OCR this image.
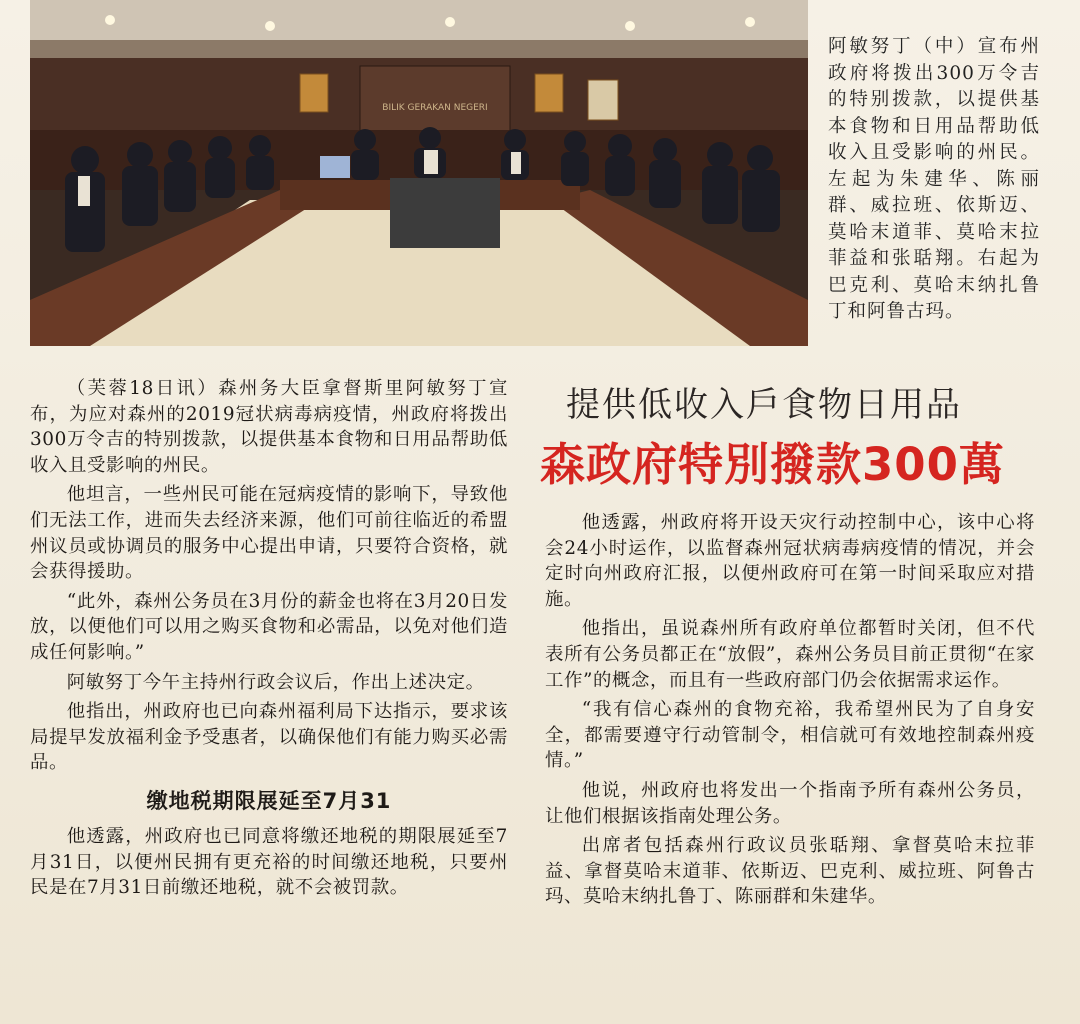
BILIK GERAKAN NEGERI
阿敏努丁（中）宣布州政府将拨出300万令吉的特别拨款，以提供基本食物和日用品帮助低收入且受影响的州民。左起为朱建华、陈丽群、威拉班、依斯迈、莫哈末道菲、莫哈末拉菲益和张聒翔。右起为巴克利、莫哈末纳扎鲁丁和阿鲁古玛。
提供低收入戶食物日用品
森政府特別撥款300萬

（芙蓉18日讯）森州务大臣拿督斯里阿敏努丁宣布，为应对森州的2019冠状病毒病疫情，州政府将拨出300万令吉的特别拨款，以提供基本食物和日用品帮助低收入且受影响的州民。

他坦言，一些州民可能在冠病疫情的影响下，导致他们无法工作，进而失去经济来源，他们可前往临近的希盟州议员或协调员的服务中心提出申请，只要符合资格，就会获得援助。

“此外，森州公务员在3月份的薪金也将在3月20日发放，以便他们可以用之购买食物和必需品，以免对他们造成任何影响。”

阿敏努丁今午主持州行政会议后，作出上述决定。

他指出，州政府也已向森州福利局下达指示，要求该局提早发放福利金予受惠者，以确保他们有能力购买必需品。

缴地税期限展延至7月31

他透露，州政府也已同意将缴还地税的期限展延至7月31日，以便州民拥有更充裕的时间缴还地税，只要州民是在7月31日前缴还地税，就不会被罚款。

他透露，州政府将开设天灾行动控制中心，该中心将会24小时运作，以监督森州冠状病毒病疫情的情况，并会定时向州政府汇报，以便州政府可在第一时间采取应对措施。

他指出，虽说森州所有政府单位都暂时关闭，但不代表所有公务员都正在“放假”，森州公务员目前正贯彻“在家工作”的概念，而且有一些政府部门仍会依据需求运作。

“我有信心森州的食物充裕，我希望州民为了自身安全，都需要遵守行动管制令，相信就可有效地控制森州疫情。”

他说，州政府也将发出一个指南予所有森州公务员，让他们根据该指南处理公务。

出席者包括森州行政议员张聒翔、拿督莫哈末拉菲益、拿督莫哈末道菲、依斯迈、巴克利、威拉班、阿鲁古玛、莫哈末纳扎鲁丁、陈丽群和朱建华。
